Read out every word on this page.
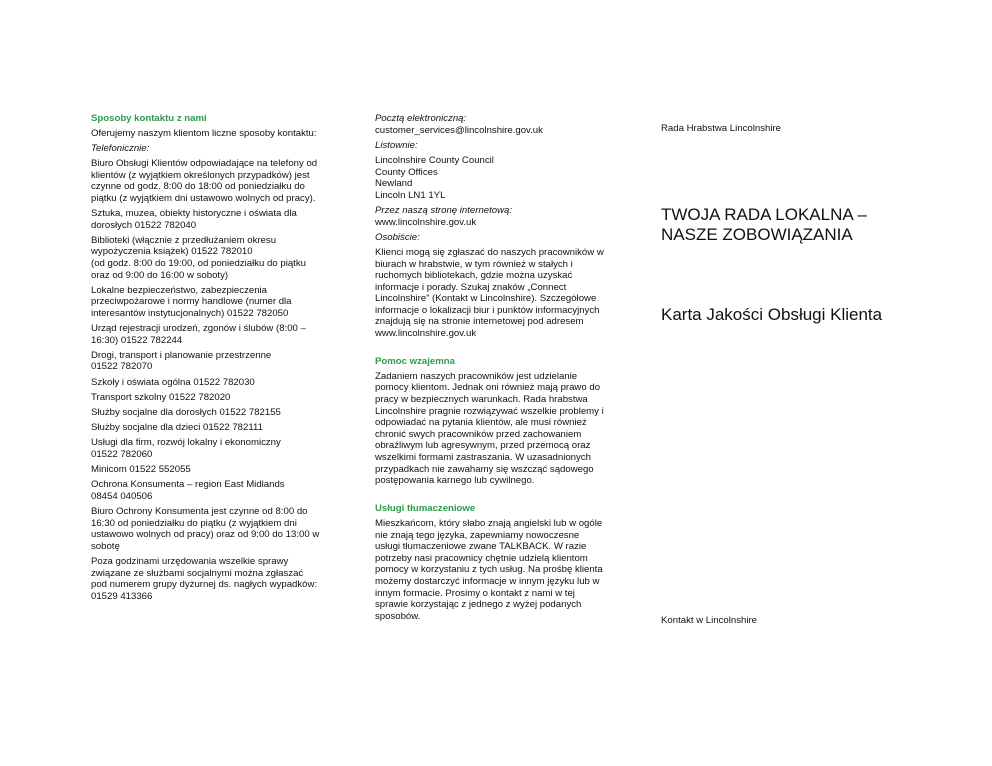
Sposoby kontaktu z nami

Oferujemy naszym klientom liczne sposoby kontaktu:

Telefonicznie:

Biuro Obsługi Klientów odpowiadające na telefony od
klientów (z wyjątkiem określonych przypadków) jest
czynne od godz. 8:00 do 18:00 od poniedziałku do
piątku (z wyjątkiem dni ustawowo wolnych od pracy).

Sztuka, muzea, obiekty historyczne i oświata dla
dorosłych 01522 782040

Biblioteki (włącznie z przedłużaniem okresu
wypożyczenia książek) 01522 782010
(od godz. 8:00 do 19:00, od poniedziałku do piątku
oraz od 9:00 do 16:00 w soboty)

Lokalne bezpieczeństwo, zabezpieczenia
przeciwpożarowe i normy handlowe (numer dla
interesantów instytucjonalnych) 01522 782050

Urząd rejestracji urodzeń, zgonów i ślubów (8:00 –
16:30) 01522 782244

Drogi, transport i planowanie przestrzenne
01522 782070

Szkoły i oświata ogólna 01522 782030

Transport szkolny 01522 782020

Służby socjalne dla dorosłych 01522 782155

Służby socjalne dla dzieci 01522 782111

Usługi dla firm, rozwój lokalny i ekonomiczny
01522 782060

Minicom 01522 552055

Ochrona Konsumenta – region East Midlands
08454 040506

Biuro Ochrony Konsumenta jest czynne od 8:00 do
16:30 od poniedziałku do piątku (z wyjątkiem dni
ustawowo wolnych od pracy) oraz od 9:00 do 13:00 w
sobotę

Poza godzinami urzędowania wszelkie sprawy
związane ze służbami socjalnymi można zgłaszać
pod numerem grupy dyżurnej ds. nagłych wypadków:
01529 413366

Pocztą elektroniczną:

customer_services@lincolnshire.gov.uk

Listownie:

Lincolnshire County Council
County Offices
Newland
Lincoln LN1 1YL

Przez naszą stronę internetową:

www.lincolnshire.gov.uk

Osobiście:

Klienci mogą się zgłaszać do naszych pracowników w
biurach w hrabstwie, w tym również w stałych i
ruchomych bibliotekach, gdzie można uzyskać
informacje i porady. Szukaj znaków „Connect
Lincolnshire” (Kontakt w Lincolnshire). Szczegółowe
informacje o lokalizacji biur i punktów informacyjnych
znajdują się na stronie internetowej pod adresem
www.lincolnshire.gov.uk

Pomoc wzajemna

Zadaniem naszych pracowników jest udzielanie
pomocy klientom. Jednak oni również mają prawo do
pracy w bezpiecznych warunkach. Rada hrabstwa
Lincolnshire pragnie rozwiązywać wszelkie problemy i
odpowiadać na pytania klientów, ale musi również
chronić swych pracowników przed zachowaniem
obraźliwym lub agresywnym, przed przemocą oraz
wszelkimi formami zastraszania. W uzasadnionych
przypadkach nie zawahamy się wszcząć sądowego
postępowania karnego lub cywilnego.

Usługi tłumaczeniowe

Mieszkańcom, który słabo znają angielski lub w ogóle
nie znają tego języka, zapewniamy nowoczesne
usługi tłumaczeniowe zwane TALKBACK. W razie
potrzeby nasi pracownicy chętnie udzielą klientom
pomocy w korzystaniu z tych usług. Na prośbę klienta
możemy dostarczyć informacje w innym języku lub w
innym formacie. Prosimy o kontakt z nami w tej
sprawie korzystając z jednego z wyżej podanych
sposobów.

Rada Hrabstwa Lincolnshire
TWOJA RADA LOKALNA –
NASZE ZOBOWIĄZANIA
Karta Jakości Obsługi Klienta
Kontakt w Lincolnshire
